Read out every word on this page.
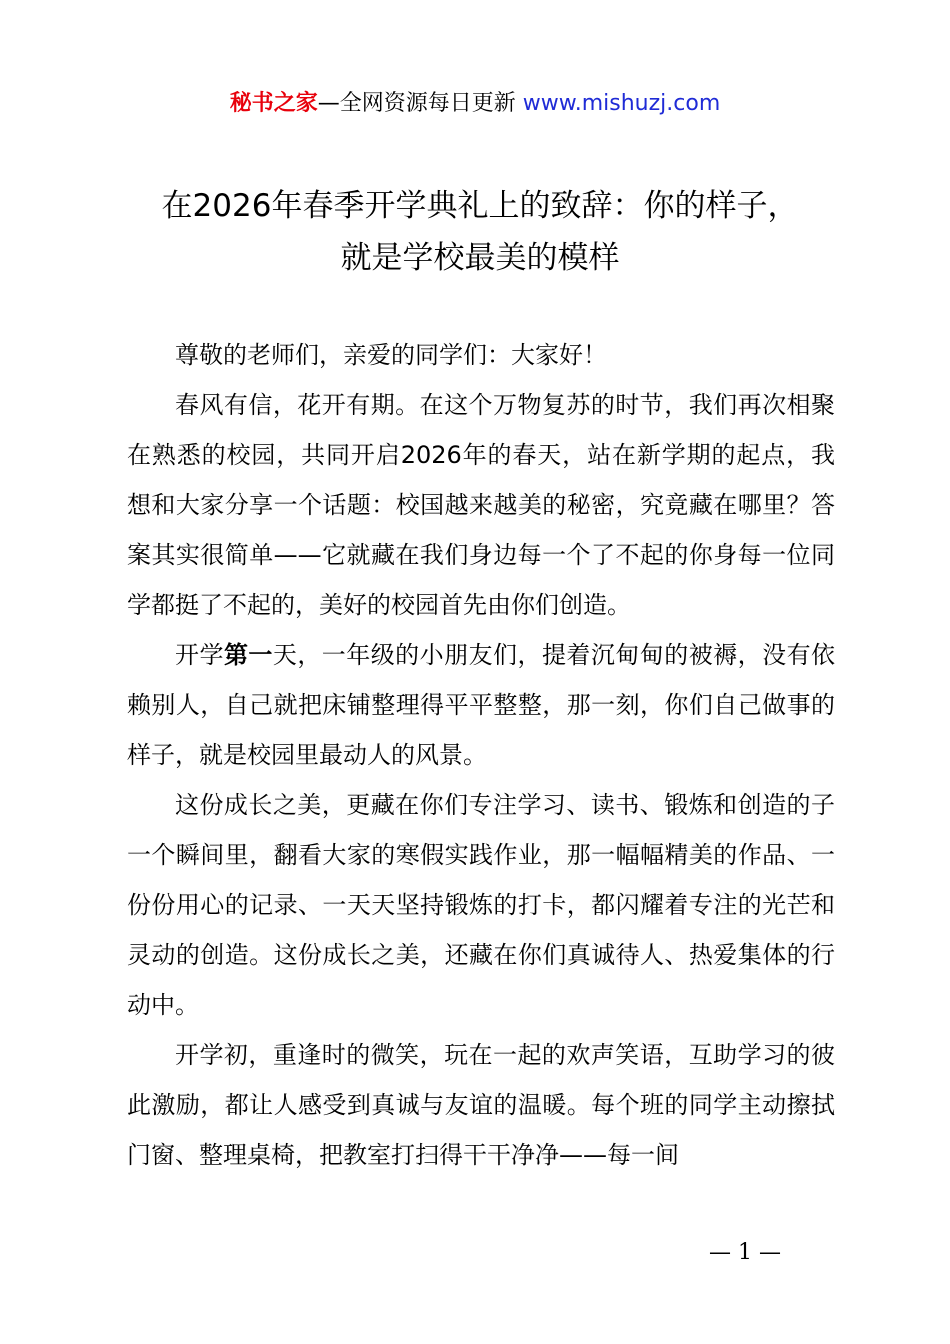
秘书之家—全网资源每日更新 www.mishuzj.com
在2026年春季开学典礼上的致辞：你的样子，
就是学校最美的模样

尊敬的老师们，亲爱的同学们：大家好！

春风有信，花开有期。在这个万物复苏的时节，我们再次相聚在熟悉的校园，共同开启2026年的春天，站在新学期的起点，我想和大家分享一个话题：校国越来越美的秘密，究竟藏在哪里？答案其实很简单——它就藏在我们身边每一个了不起的你身每一位同学都挺了不起的，美好的校园首先由你们创造。

开学第一天，一年级的小朋友们，提着沉甸甸的被褥，没有依赖别人，自己就把床铺整理得平平整整，那一刻，你们自己做事的样子，就是校园里最动人的风景。

这份成长之美，更藏在你们专注学习、读书、锻炼和创造的子一个瞬间里，翻看大家的寒假实践作业，那一幅幅精美的作品、一份份用心的记录、一天天坚持锻炼的打卡，都闪耀着专注的光芒和灵动的创造。这份成长之美，还藏在你们真诚待人、热爱集体的行动中。

开学初，重逢时的微笑，玩在一起的欢声笑语，互助学习的彼此激励，都让人感受到真诚与友谊的温暖。每个班的同学主动擦拭门窗、整理桌椅，把教室打扫得干干净净——每一间

— 1 —
